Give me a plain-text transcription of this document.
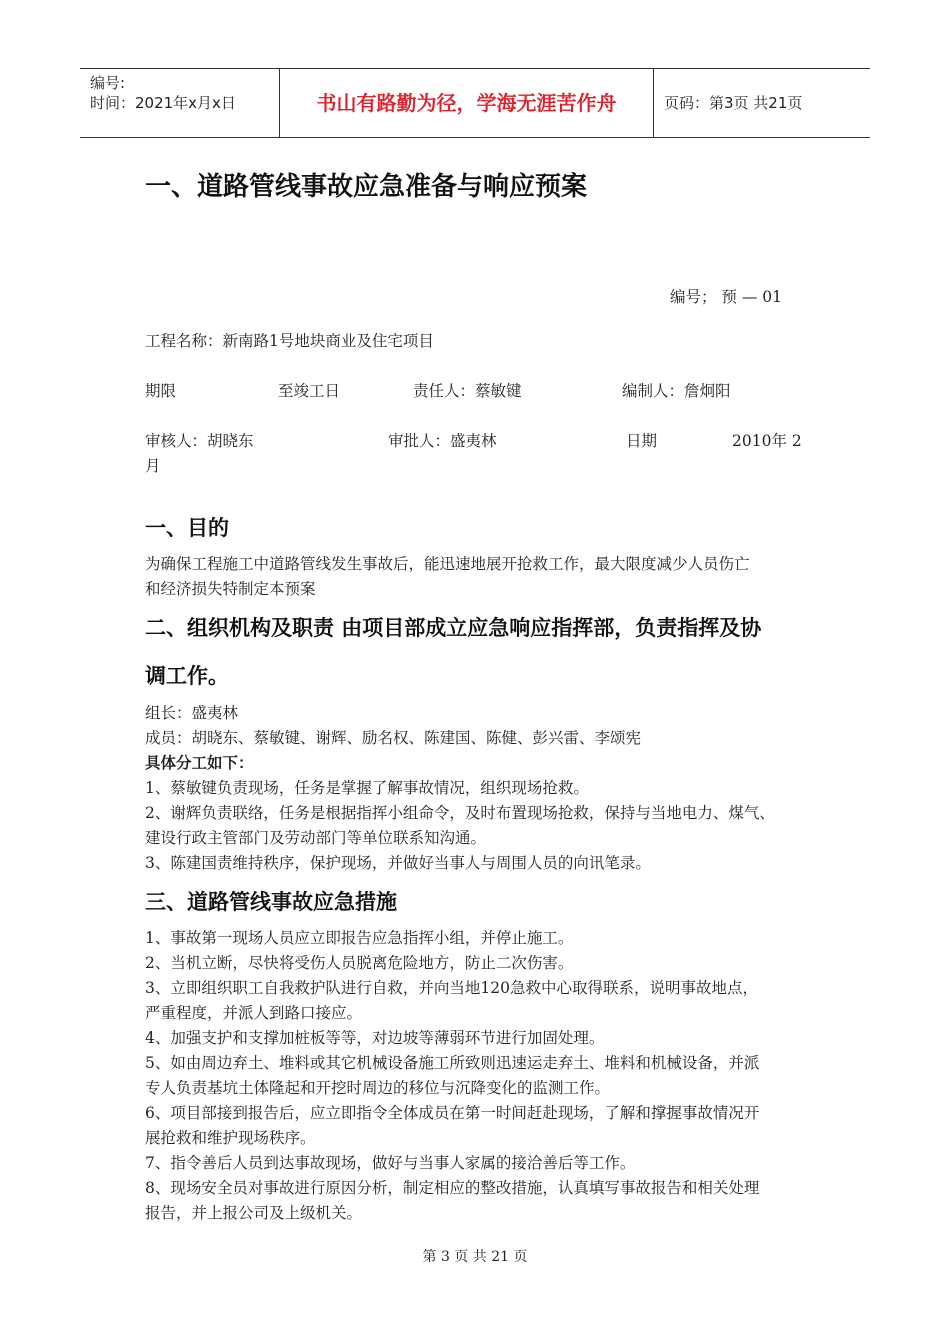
编号:
时间：2021年x月x日	书山有路勤为径，学海无涯苦作舟	页码：第3页 共21页
一、道路管线事故应急准备与响应预案
编号； 预 — 01
工程名称：新南路1号地块商业及住宅项目
期限	至竣工日	责任人：蔡敏键	编制人：詹炯阳
审核人：胡晓东	审批人：盛夷林	日期	2010年 2
月
一、目的
为确保工程施工中道路管线发生事故后，能迅速地展开抢救工作，最大限度减少人员伤亡
和经济损失特制定本预案
二、组织机构及职责 由项目部成立应急响应指挥部，负责指挥及协
调工作。
组长：盛夷林
成员：胡晓东、蔡敏键、谢辉、励名权、陈建国、陈健、彭兴雷、李颂宪
具体分工如下：
1、蔡敏键负责现场，任务是掌握了解事故情况，组织现场抢救。
2、谢辉负责联络，任务是根据指挥小组命令，及时布置现场抢救，保持与当地电力、煤气、
建设行政主管部门及劳动部门等单位联系知沟通。
3、陈建国责维持秩序，保护现场，并做好当事人与周围人员的向讯笔录。
三、道路管线事故应急措施
1、事故第一现场人员应立即报告应急指挥小组，并停止施工。
2、当机立断，尽快将受伤人员脱离危险地方，防止二次伤害。
3、立即组织职工自我救护队进行自救，并向当地120急救中心取得联系，说明事故地点，
严重程度，并派人到路口接应。
4、加强支护和支撑加桩板等等，对边坡等薄弱环节进行加固处理。
5、如由周边弃土、堆料或其它机械设备施工所致则迅速运走弃土、堆料和机械设备，并派
专人负责基坑土体隆起和开挖时周边的移位与沉降变化的监测工作。
6、项目部接到报告后，应立即指令全体成员在第一时间赶赴现场，了解和撑握事故情况开
展抢救和维护现场秩序。
7、指令善后人员到达事故现场，做好与当事人家属的接洽善后等工作。
8、现场安全员对事故进行原因分析，制定相应的整改措施，认真填写事故报告和相关处理
报告，并上报公司及上级机关。
第 3 页 共 21 页
